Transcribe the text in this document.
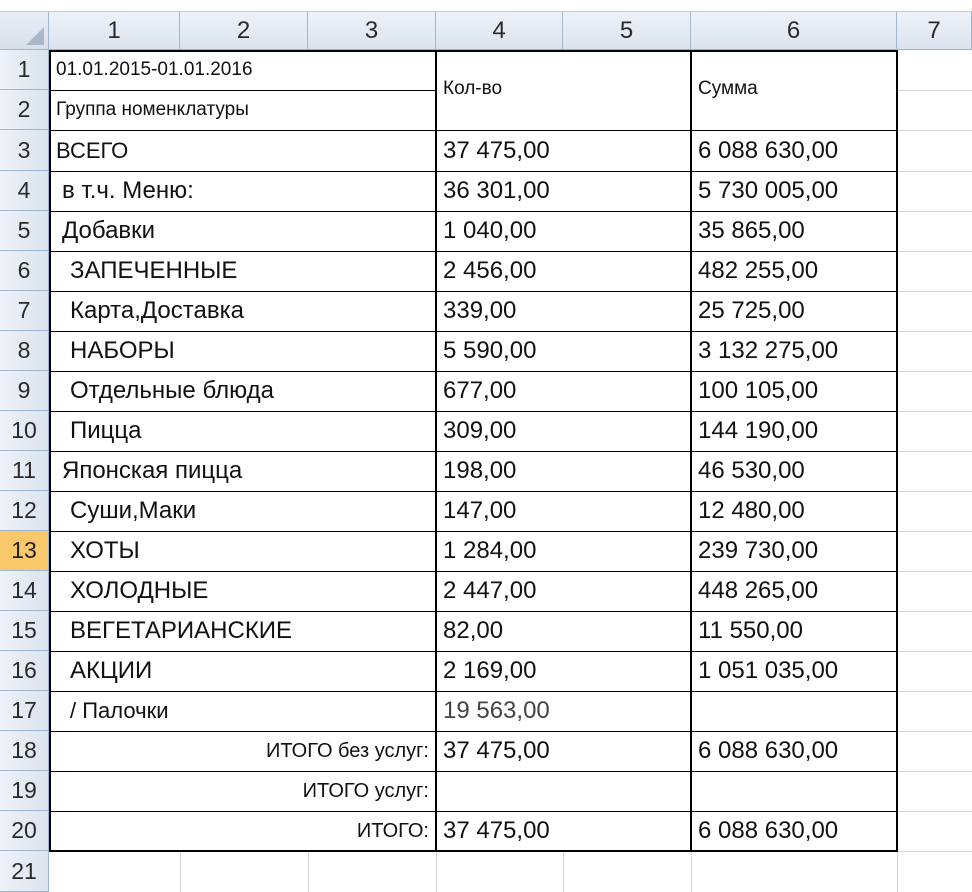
1	2	3	4	5	6	7
1
2
3
4
5
6
7
8
9
10
11
12
13
14
15
16
17
18
19
20
21
01.01.2015-01.01.2016
Группа номенклатуры
Кол-во	Сумма
ВСЕГО	37 475,00	6 088 630,00
в т.ч. Меню:	36 301,00	5 730 005,00
Добавки	1 040,00	35 865,00
ЗАПЕЧЕННЫЕ	2 456,00	482 255,00
Карта,Доставка	339,00	25 725,00
НАБОРЫ	5 590,00	3 132 275,00
Отдельные блюда	677,00	100 105,00
Пицца	309,00	144 190,00
Японская пицца	198,00	46 530,00
Суши,Маки	147,00	12 480,00
ХОТЫ	1 284,00	239 730,00
ХОЛОДНЫЕ	2 447,00	448 265,00
ВЕГЕТАРИАНСКИЕ	82,00	11 550,00
АКЦИИ	2 169,00	1 051 035,00
/ Палочки	19 563,00
ИТОГО без услуг: 37 475,00	6 088 630,00
ИТОГО услуг:
ИТОГО: 37 475,00	6 088 630,00
